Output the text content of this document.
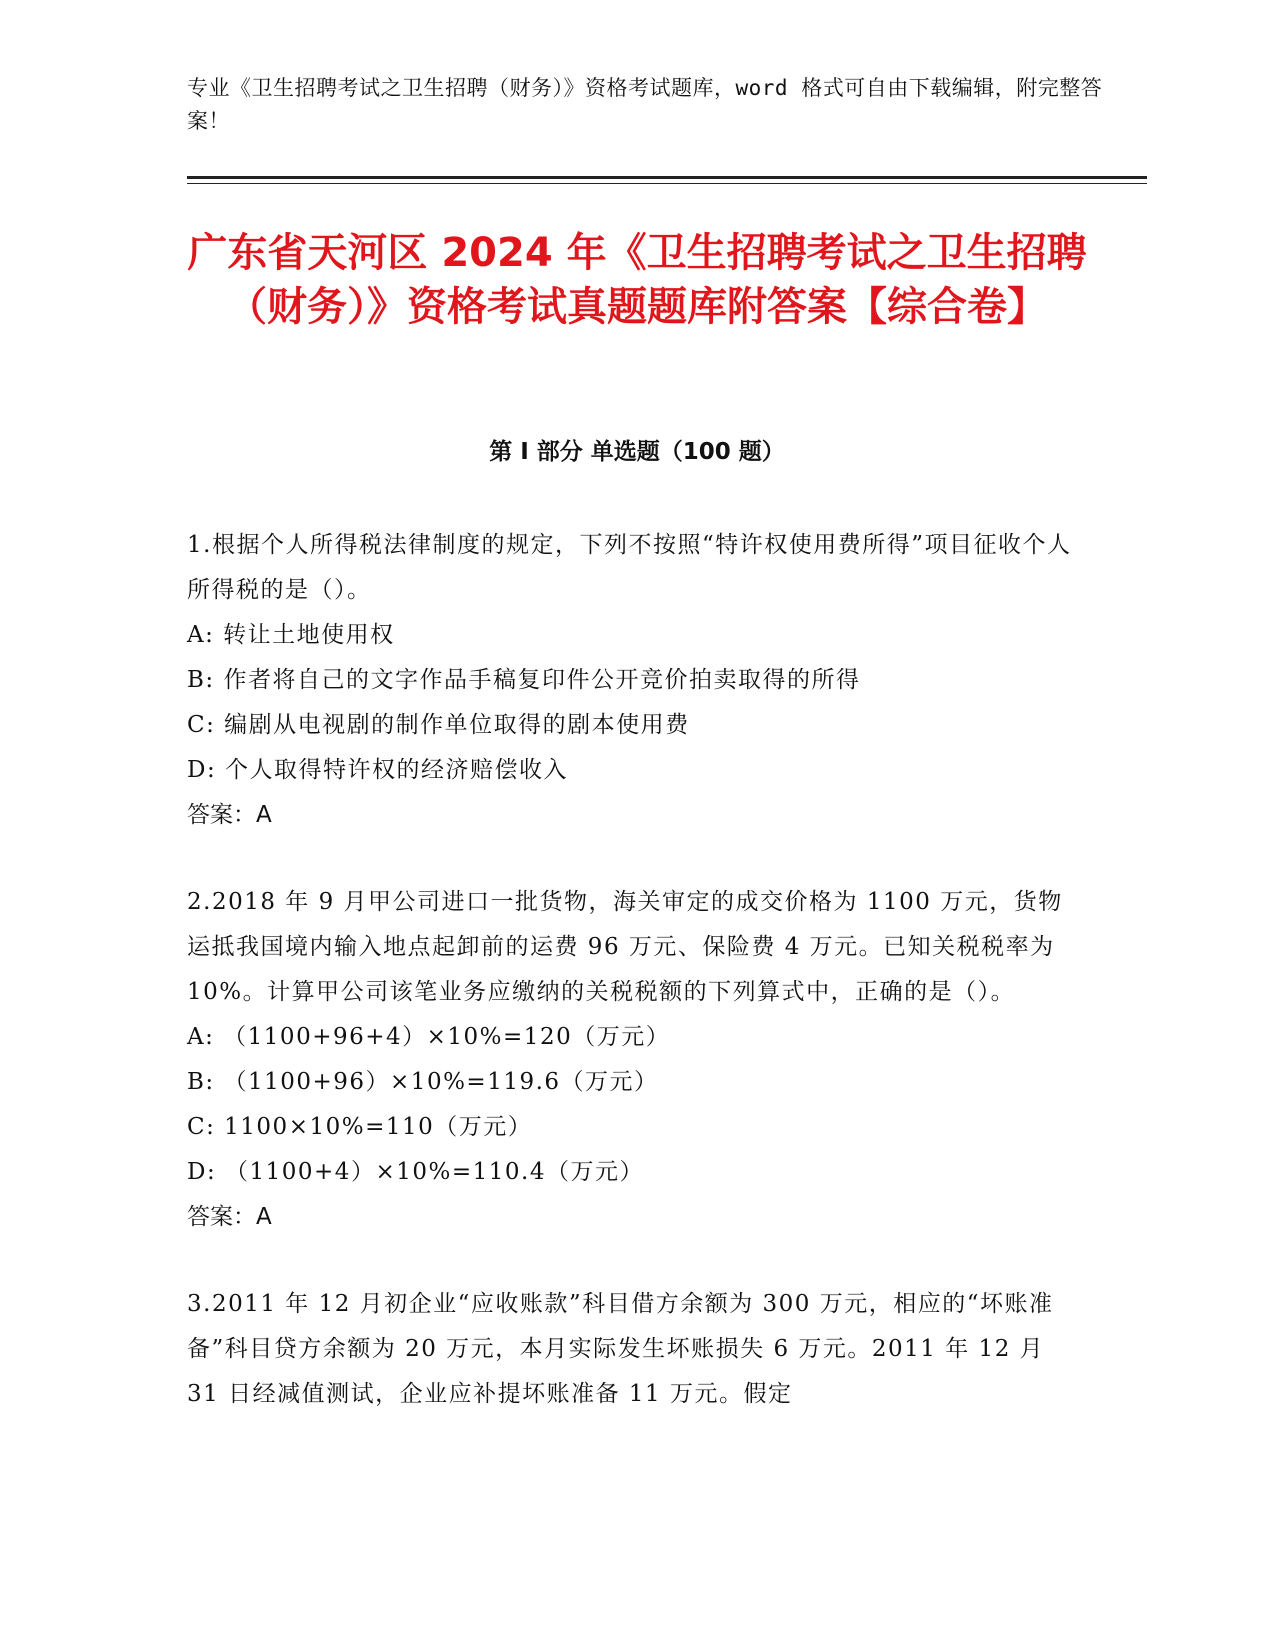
专业《卫生招聘考试之卫生招聘（财务）》资格考试题库，word 格式可自由下载编辑，附完整答案！
广东省天河区 2024 年《卫生招聘考试之卫生招聘（财务）》资格考试真题题库附答案【综合卷】
第 I 部分 单选题（100 题）

1.根据个人所得税法律制度的规定，下列不按照“特许权使用费所得”项目征收个人所得税的是（）。

A: 转让土地使用权

B: 作者将自己的文字作品手稿复印件公开竞价拍卖取得的所得

C: 编剧从电视剧的制作单位取得的剧本使用费

D: 个人取得特许权的经济赔偿收入

答案：A

2.2018 年 9 月甲公司进口一批货物，海关审定的成交价格为 1100 万元，货物运抵我国境内输入地点起卸前的运费 96 万元、保险费 4 万元。已知关税税率为 10%。计算甲公司该笔业务应缴纳的关税税额的下列算式中，正确的是（）。

A: （1100+96+4）×10%=120（万元）

B: （1100+96）×10%=119.6（万元）

C: 1100×10%=110（万元）

D: （1100+4）×10%=110.4（万元）

答案：A

3.2011 年 12 月初企业“应收账款”科目借方余额为 300 万元，相应的“坏账准备”科目贷方余额为 20 万元，本月实际发生坏账损失 6 万元。2011 年 12 月 31 日经减值测试，企业应补提坏账准备 11 万元。假定
